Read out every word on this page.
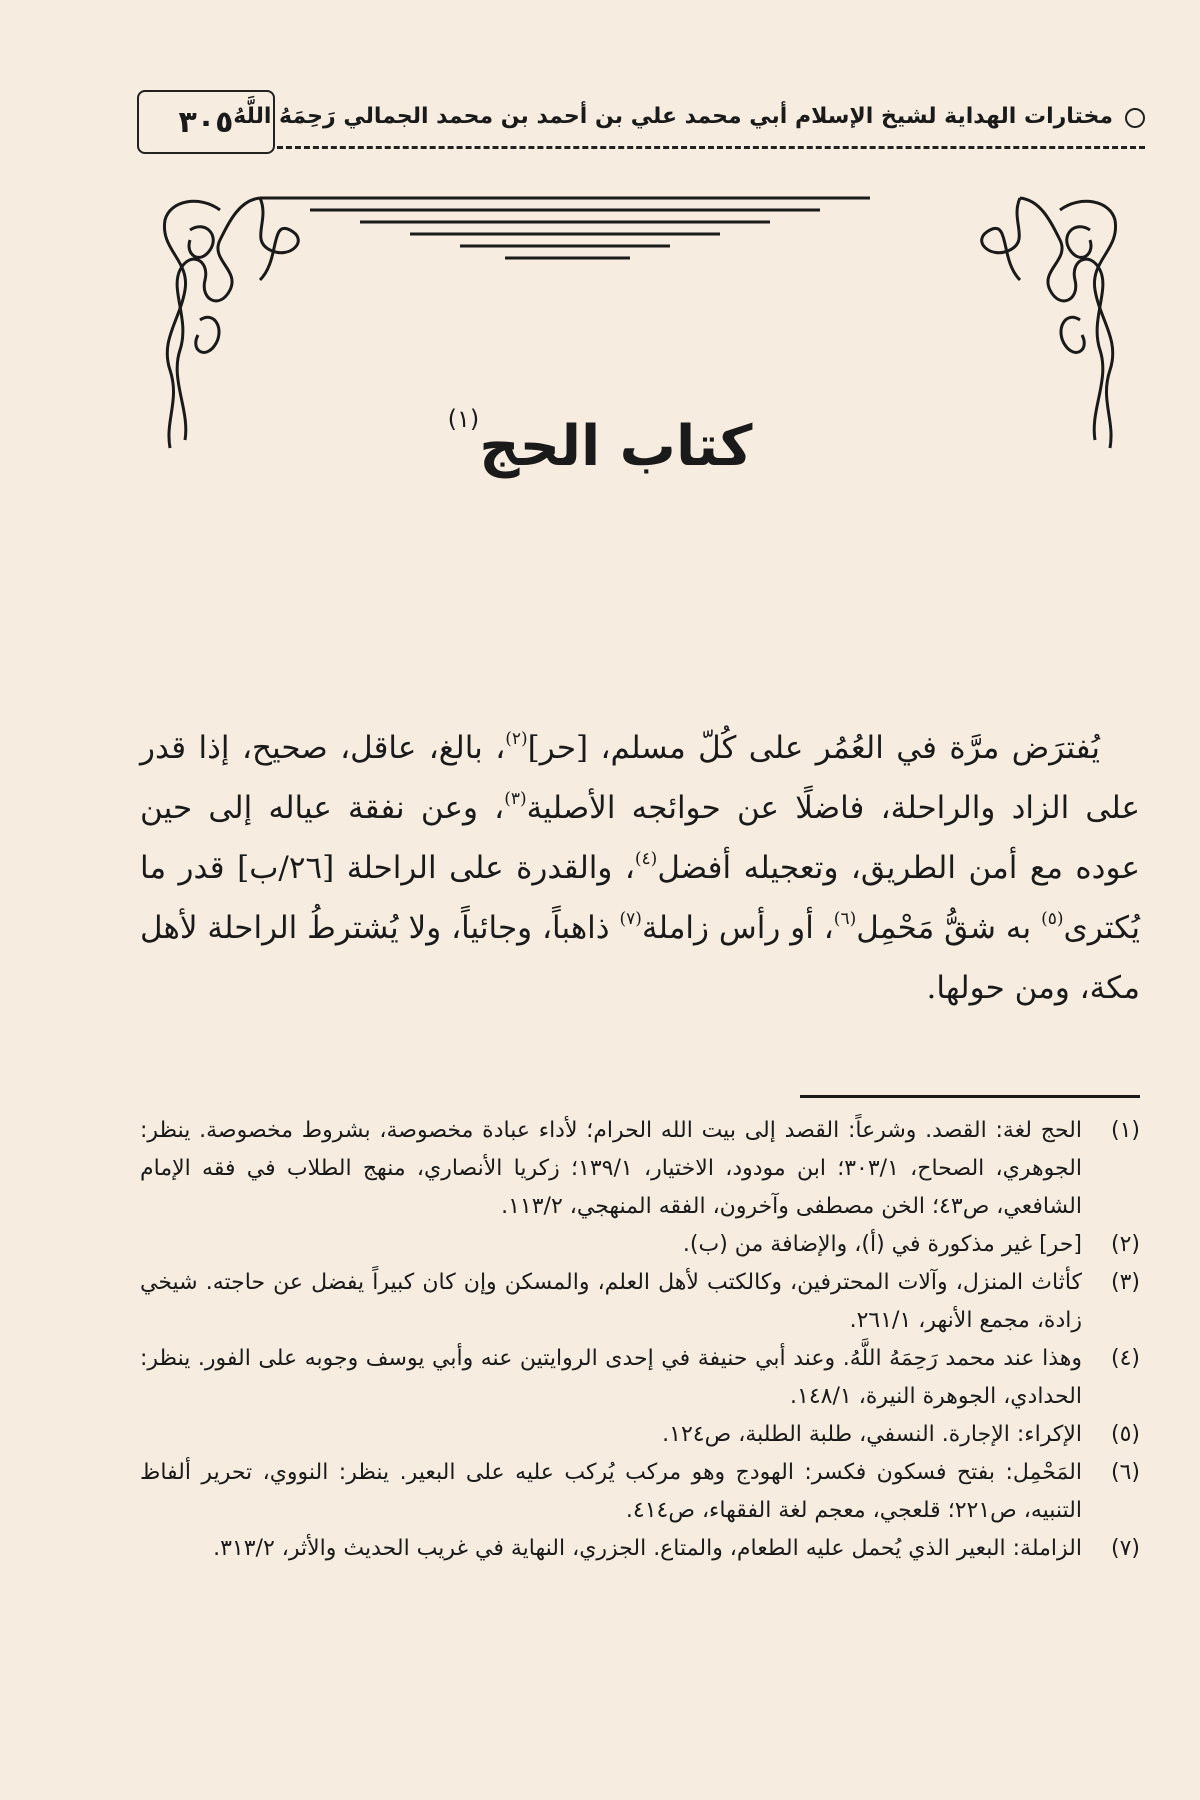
٣٠٥ مختارات الهداية لشيخ الإسلام أبي محمد علي بن أحمد بن محمد الجمالي رَحِمَهُ اللَّهُ
كتاب الحج$^{(١)}$

يُفترَض مرَّة في العُمُر على كُلّ مسلم، [حر]$^{(٢)}$، بالغ، عاقل، صحيح، إذا قدر على الزاد والراحلة، فاضلًا عن حوائجه الأصلية$^{(٣)}$، وعن نفقة عياله إلى حين عوده مع أمن الطريق، وتعجيله أفضل$^{(٤)}$، والقدرة على الراحلة [٢٦/ب] قدر ما يُكترى$^{(٥)}$ به شقُّ مَحْمِل$^{(٦)}$، أو رأس زاملة$^{(٧)}$ ذاهباً، وجائياً، ولا يُشترطُ الراحلة لأهل مكة، ومن حولها.

(١)
الحج لغة: القصد. وشرعاً: القصد إلى بيت الله الحرام؛ لأداء عبادة مخصوصة، بشروط مخصوصة. ينظر: الجوهري، الصحاح، ٣٠٣/١؛ ابن مودود، الاختيار، ١٣٩/١؛ زكريا الأنصاري، منهج الطلاب في فقه الإمام الشافعي، ص٤٣؛ الخن مصطفى وآخرون، الفقه المنهجي، ١١٣/٢.
(٢)
[حر] غير مذكورة في (أ)، والإضافة من (ب).
(٣)
كأثاث المنزل، وآلات المحترفين، وكالكتب لأهل العلم، والمسكن وإن كان كبيراً يفضل عن حاجته. شيخي زادة، مجمع الأنهر، ٢٦١/١.
(٤)
وهذا عند محمد رَحِمَهُ اللَّهُ. وعند أبي حنيفة في إحدى الروايتين عنه وأبي يوسف وجوبه على الفور. ينظر: الحدادي، الجوهرة النيرة، ١٤٨/١.
(٥)
الإكراء: الإجارة. النسفي، طلبة الطلبة، ص١٢٤.
(٦)
المَحْمِل: بفتح فسكون فكسر: الهودج وهو مركب يُركب عليه على البعير. ينظر: النووي، تحرير ألفاظ التنبيه، ص٢٢١؛ قلعجي، معجم لغة الفقهاء، ص٤١٤.
(٧)
الزاملة: البعير الذي يُحمل عليه الطعام، والمتاع. الجزري، النهاية في غريب الحديث والأثر، ٣١٣/٢.
